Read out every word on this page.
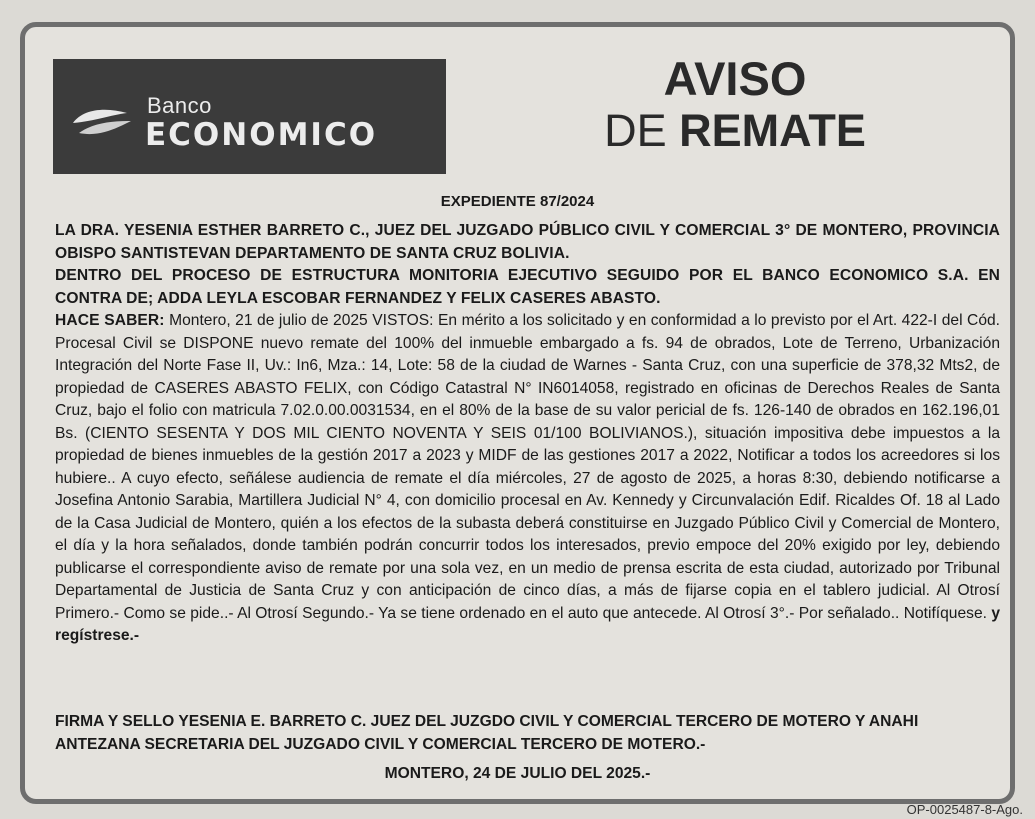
Banco
ECONOMICO
AVISO
DE REMATE
EXPEDIENTE 87/2024

LA DRA. YESENIA ESTHER BARRETO C., JUEZ DEL JUZGADO PÚBLICO CIVIL Y COMERCIAL 3° DE MONTERO, PROVINCIA OBISPO SANTISTEVAN DEPARTAMENTO DE SANTA CRUZ BOLIVIA.

DENTRO DEL PROCESO DE ESTRUCTURA MONITORIA EJECUTIVO SEGUIDO POR EL BANCO ECONOMICO S.A. EN CONTRA DE; ADDA LEYLA ESCOBAR FERNANDEZ Y FELIX CASERES ABASTO.

HACE SABER: Montero, 21 de julio de 2025 VISTOS: En mérito a los solicitado y en conformidad a lo previsto por el Art. 422-I del Cód. Procesal Civil se DISPONE nuevo remate del 100% del inmueble embargado a fs. 94 de obrados, Lote de Terreno, Urbanización Integración del Norte Fase II, Uv.: In6, Mza.: 14, Lote: 58 de la ciudad de Warnes - Santa Cruz, con una superficie de 378,32 Mts2, de propiedad de CASERES ABASTO FELIX, con Código Catastral N° IN6014058, registrado en oficinas de Derechos Reales de Santa Cruz, bajo el folio con matricula 7.02.0.00.0031534, en el 80% de la base de su valor pericial de fs. 126-140 de obrados en 162.196,01 Bs. (CIENTO SESENTA Y DOS MIL CIENTO NOVENTA Y SEIS 01/100 BOLIVIANOS.), situación impositiva debe impuestos a la propiedad de bienes inmuebles de la gestión 2017 a 2023 y MIDF de las gestiones 2017 a 2022, Notificar a todos los acreedores si los hubiere.. A cuyo efecto, señálese audiencia de remate el día miércoles, 27 de agosto de 2025, a horas 8:30, debiendo notificarse a Josefina Antonio Sarabia, Martillera Judicial N° 4, con domicilio procesal en Av. Kennedy y Circunvalación Edif. Ricaldes Of. 18 al Lado de la Casa Judicial de Montero, quién a los efectos de la subasta deberá constituirse en Juzgado Público Civil y Comercial de Montero, el día y la hora señalados, donde también podrán concurrir todos los interesados, previo empoce del 20% exigido por ley, debiendo publicarse el correspondiente aviso de remate por una sola vez, en un medio de prensa escrita de esta ciudad, autorizado por Tribunal Departamental de Justicia de Santa Cruz y con anticipación de cinco días, a más de fijarse copia en el tablero judicial. Al Otrosí Primero.- Como se pide..- Al Otrosí Segundo.- Ya se tiene ordenado en el auto que antecede. Al Otrosí 3°.- Por señalado.. Notifíquese. y regístrese.-

FIRMA Y SELLO YESENIA E. BARRETO C. JUEZ DEL JUZGDO CIVIL Y COMERCIAL TERCERO DE MOTERO Y ANAHI ANTEZANA SECRETARIA DEL JUZGADO CIVIL Y COMERCIAL TERCERO DE MOTERO.-
MONTERO, 24 DE JULIO DEL 2025.-
OP-0025487-8-Ago.
